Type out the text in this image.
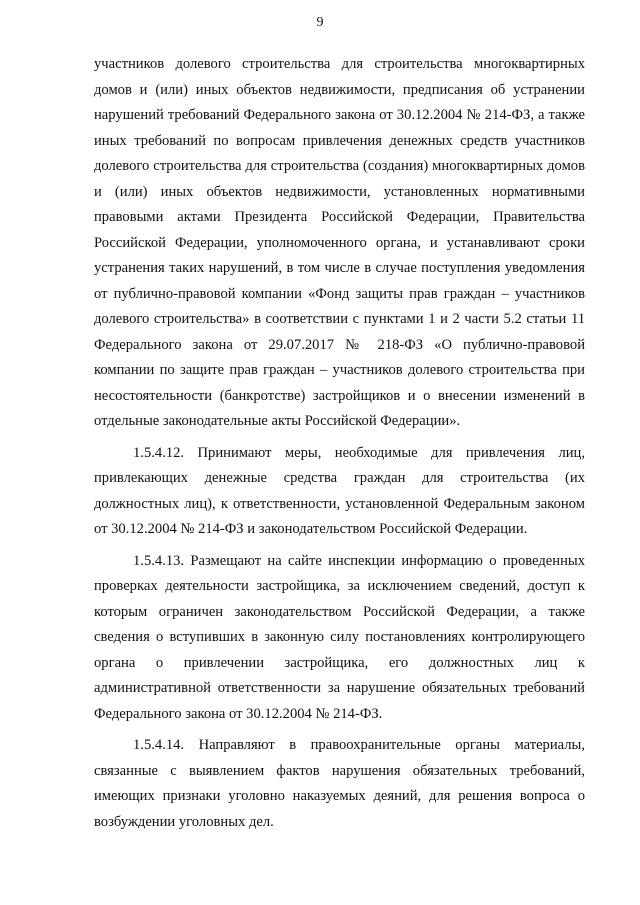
9

участников долевого строительства для строительства многоквартирных домов и (или) иных объектов недвижимости, предписания об устранении нарушений требований Федерального закона от 30.12.2004 № 214-ФЗ, а также иных требований по вопросам привлечения денежных средств участников долевого строительства для строительства (создания) многоквартирных домов и (или) иных объектов недвижимости, установленных нормативными правовыми актами Президента Российской Федерации, Правительства Российской Федерации, уполномоченного органа, и устанавливают сроки устранения таких нарушений, в том числе в случае поступления уведомления от публично-правовой компании «Фонд защиты прав граждан – участников долевого строительства» в соответствии с пунктами 1 и 2 части 5.2 статьи 11 Федерального закона от 29.07.2017 № 218-ФЗ «О публично-правовой компании по защите прав граждан – участников долевого строительства при несостоятельности (банкротстве) застройщиков и о внесении изменений в отдельные законодательные акты Российской Федерации».

1.5.4.12. Принимают меры, необходимые для привлечения лиц, привлекающих денежные средства граждан для строительства (их должностных лиц), к ответственности, установленной Федеральным законом от 30.12.2004 № 214-ФЗ и законодательством Российской Федерации.

1.5.4.13. Размещают на сайте инспекции информацию о проведенных проверках деятельности застройщика, за исключением сведений, доступ к которым ограничен законодательством Российской Федерации, а также сведения о вступивших в законную силу постановлениях контролирующего органа о привлечении застройщика, его должностных лиц к административной ответственности за нарушение обязательных требований Федерального закона от 30.12.2004 № 214-ФЗ.

1.5.4.14. Направляют в правоохранительные органы материалы, связанные с выявлением фактов нарушения обязательных требований, имеющих признаки уголовно наказуемых деяний, для решения вопроса о возбуждении уголовных дел.
